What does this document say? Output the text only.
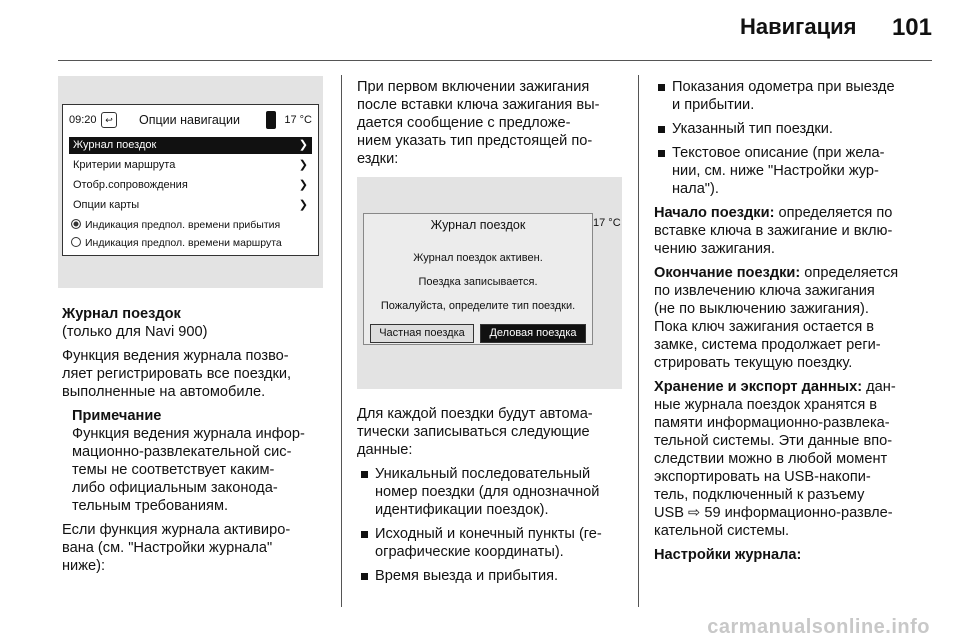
Навигация	101
09:20 ↩	Опции навигации	17 °C
Журнал поездок	❯
Критерии маршрута	❯
Отобр.сопровождения	❯
Опции карты	❯
Индикация предпол. времени прибытия
Индикация предпол. времени маршрута

Журнал поездок

(только для Navi 900)

Функция ведения журнала позво-

ляет регистрировать все поездки,

выполненные на автомобиле.

Примечание

Функция ведения журнала инфор-

мационно-развлекательной сис-

темы не соответствует каким-

либо официальным законода-

тельным требованиям.

Если функция журнала активиро-

вана (см. "Настройки журнала"

ниже):

При первом включении зажигания

после вставки ключа зажигания вы-

дается сообщение с предложе-

нием указать тип предстоящей по-

ездки:

Журнал поездок
Журнал поездок активен.
Поездка записывается.
Пожалуйста, определите тип поездки.
Частная поездка	Деловая поездка
17 °C

Для каждой поездки будут автома-

тически записываться следующие

данные:

Уникальный последовательный
номер поездки (для однозначной
идентификации поездок).
Исходный и конечный пункты (ге-
ографические координаты).
Время выезда и прибытия.
Показания одометра при выезде
и прибытии.
Указанный тип поездки.
Текстовое описание (при жела-
нии, см. ниже "Настройки жур-
нала").

Начало поездки: определяется по

вставке ключа в зажигание и вклю-

чению зажигания.

Окончание поездки: определяется

по извлечению ключа зажигания

(не по выключению зажигания).

Пока ключ зажигания остается в

замке, система продолжает реги-

стрировать текущую поездку.

Хранение и экспорт данных: дан-

ные журнала поездок хранятся в

памяти информационно-развлека-

тельной системы. Эти данные впо-

следствии можно в любой момент

экспортировать на USB-накопи-

тель, подключенный к разъему

USB ⇨ 59 информационно-развле-

кательной системы.

Настройки журнала:

carmanualsonline.info
